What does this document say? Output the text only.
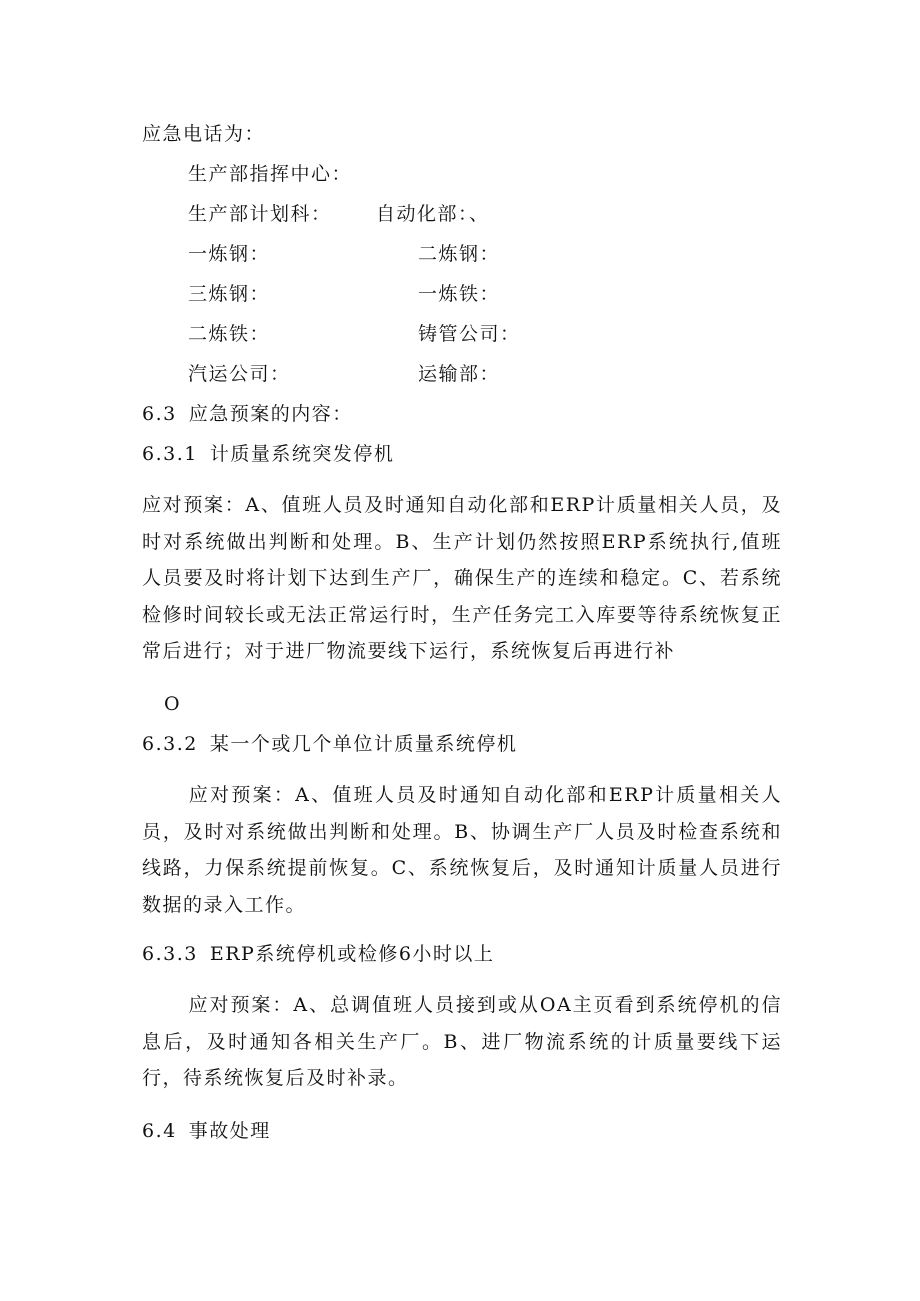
应急电话为：
生产部指挥中心：
生产部计划科： 自动化部：、
一炼钢：	二炼钢：
三炼钢：	一炼铁：
二炼铁：	铸管公司：
汽运公司：	运输部：
6.3 应急预案的内容：
6.3.1 计质量系统突发停机

应对预案：A、值班人员及时通知自动化部和ERP计质量相关人员，及时对系统做出判断和处理。B、生产计划仍然按照ERP系统执行,值班人员要及时将计划下达到生产厂，确保生产的连续和稳定。C、若系统检修时间较长或无法正常运行时，生产任务完工入库要等待系统恢复正常后进行；对于进厂物流要线下运行，系统恢复后再进行补

O
6.3.2 某一个或几个单位计质量系统停机

应对预案：A、值班人员及时通知自动化部和ERP计质量相关人员，及时对系统做出判断和处理。B、协调生产厂人员及时检查系统和线路，力保系统提前恢复。C、系统恢复后，及时通知计质量人员进行数据的录入工作。

6.3.3 ERP系统停机或检修6小时以上

应对预案：A、总调值班人员接到或从OA主页看到系统停机的信息后，及时通知各相关生产厂。B、进厂物流系统的计质量要线下运行，待系统恢复后及时补录。

6.4 事故处理
